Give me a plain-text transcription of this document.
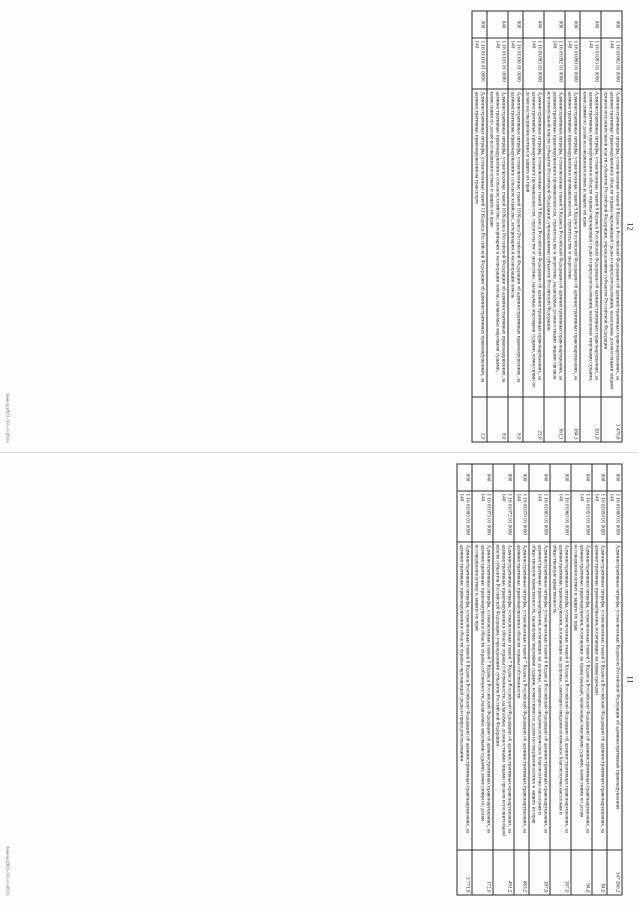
12
000	1 16 01082 01 0000 140	Административные штрафы, установленные главой 8 Кодекса Российской Федерации об административных правонарушениях, за административные правонарушения в области охраны окружающей среды и природопользования, налагаемые должностными лицами органов исполнительной власти субъектов Российской Федерации, учреждениями субъектов Российской Федерации	3 470,8
040	1 16 01083 01 0000 140	Административные штрафы, установленные главой 8 Кодекса Российской Федерации об административных правонарушениях, за административные правонарушения в области охраны окружающей среды и природопользования, налагаемые мировыми судьями, комиссиями по делам несовершеннолетних и защите их прав	301,0
000	1 16 01090 01 0000 140	Административные штрафы, установленные главой 9 Кодекса Российской Федерации об административных правонарушениях, за административные правонарушения в промышленности, строительстве и энергетике	184,3
000	1 16 01092 01 0000 140	Административные штрафы, установленные главой 9 Кодекса Российской Федерации об административных правонарушениях, за административные правонарушения в промышленности, строительстве и энергетике, налагаемые должностными лицами органов исполнительной власти субъектов Российской Федерации, учреждениями субъектов Российской Федерации	161,3
040	1 16 01093 01 0000 140	Административные штрафы, установленные главой 9 Кодекса Российской Федерации об административных правонарушениях, за административные правонарушения в промышленности, строительстве и энергетике, налагаемые мировыми судьями, комиссиями по делам несовершеннолетних и защите их прав	23,0
000	1 16 01100 01 0000 140	Административные штрафы, установленные главой 10 Кодекса Российской Федерации об административных правонарушениях, за административные правонарушения в сельском хозяйстве, ветеринарии и мелиорации земель	9,0
040	1 16 01103 01 0000 140	Административные штрафы, установленные главой 10 Кодекса Российской Федерации об административных правонарушениях, за административные правонарушения в сельском хозяйстве, ветеринарии и мелиорации земель, налагаемые мировыми судьями, комиссиями по делам несовершеннолетних и защите их прав	9,0
000	1 16 01110 01 0000 140	Административные штрафы, установленные главой 11 Кодекса Российской Федерации об административных правонарушениях, за административные правонарушения на транспорте	2,0
Закон(а)2021-561-пз.(851)
11
000	1 16 01000 01 0000 140	Административные штрафы, установленные Кодексом Российской Федерации об административных правонарушениях	147 260,2
000	1 16 01050 01 0000 140	Административные штрафы, установленные главой 5 Кодекса Российской Федерации об административных правонарушениях, за административные правонарушения, посягающие на права граждан	94,0
040	1 16 01053 01 0000 140	Административные штрафы, установленные главой 5 Кодекса Российской Федерации об административных правонарушениях, за административные правонарушения, посягающие на права граждан, налагаемые мировыми судьями, комиссиями по делам несовершеннолетних и защите их прав	94,0
000	1 16 01060 01 0000 140	Административные штрафы, установленные главой 6 Кодекса Российской Федерации об административных правонарушениях, за административные правонарушения, посягающие на здоровье, санитарно-эпидемиологическое благополучие населения и общественную нравственность	387,0
040	1 16 01063 01 0000 140	Административные штрафы, установленные главой 6 Кодекса Российской Федерации об административных правонарушениях, за административные правонарушения, посягающие на здоровье, санитарно-эпидемиологическое благополучие населения и общественную нравственность, налагаемые мировыми судьями, комиссиями по делам несовершеннолетних и защите их прав	387,0
000	1 16 01070 01 0000 140	Административные штрафы, установленные главой 7 Кодекса Российской Федерации об административных правонарушениях, за административные правонарушения в области охраны собственности	663,2
000	1 16 01072 01 0000 140	Административные штрафы, установленные главой 7 Кодекса Российской Федерации об административных правонарушениях, за административные правонарушения в области охраны собственности, налагаемые должностными лицами органов исполнительной власти субъектов Российской Федерации, учреждениями субъектов Российской Федерации	491,2
040	1 16 01073 01 0000 140	Административные штрафы, установленные главой 7 Кодекса Российской Федерации об административных правонарушениях, за административные правонарушения в области охраны собственности, налагаемые мировыми судьями, комиссиями по делам несовершеннолетних и защите их прав	172,0
000	1 16 01080 01 0000 140	Административные штрафы, установленные главой 8 Кодекса Российской Федерации об административных правонарушениях, за административные правонарушения в области охраны окружающей среды и природопользования	3 771,8
Закон(а)2021-561-пз.(851)
